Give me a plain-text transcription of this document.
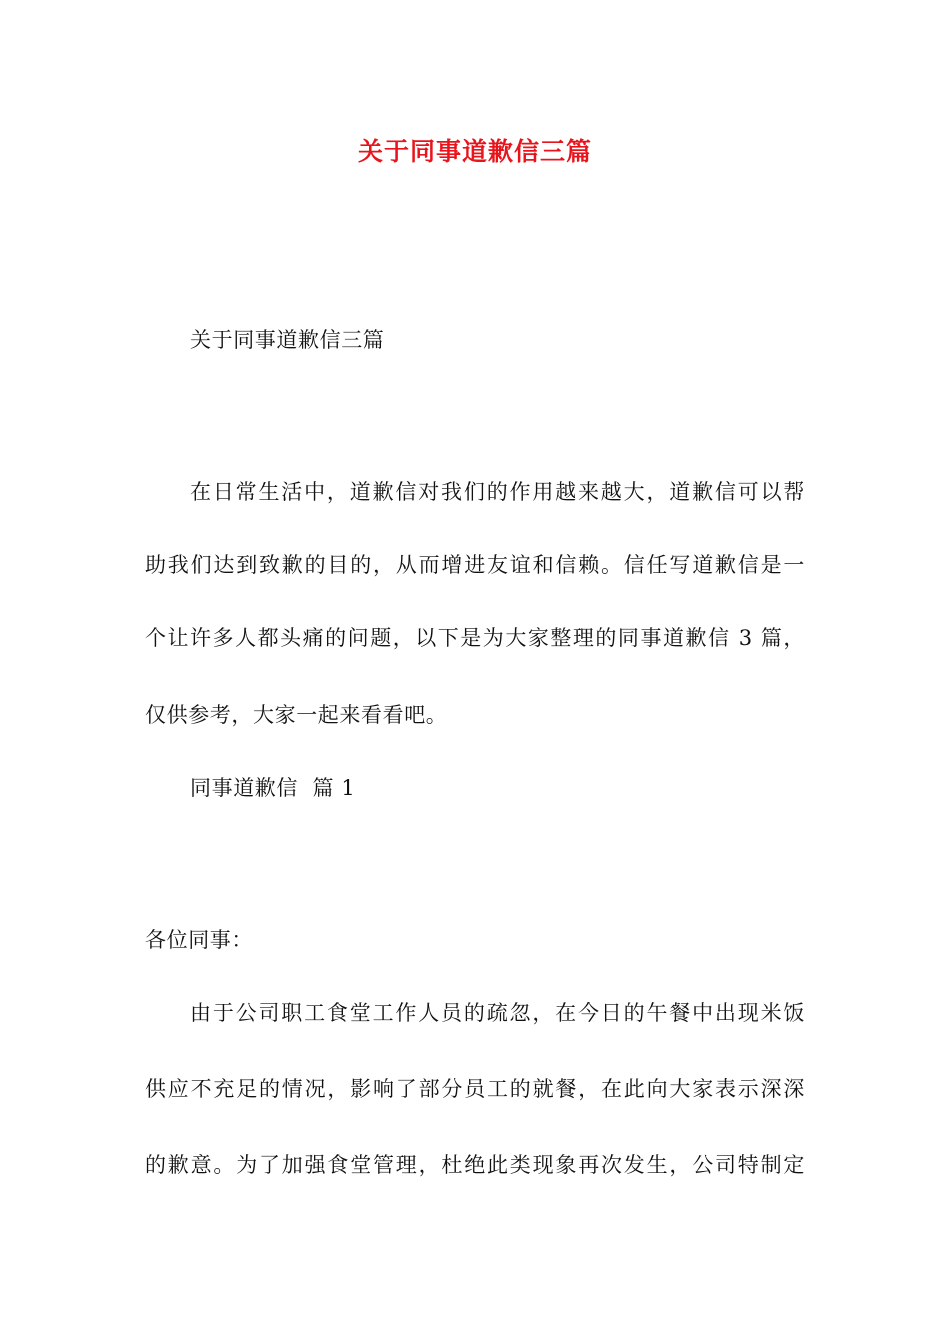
关于同事道歉信三篇
关于同事道歉信三篇
在日常生活中，道歉信对我们的作用越来越大，道歉信可以帮
助我们达到致歉的目的，从而增进友谊和信赖。信任写道歉信是一
个让许多人都头痛的问题，以下是为大家整理的同事道歉信 3 篇，
仅供参考，大家一起来看看吧。
同事道歉信  篇 1
各位同事：
由于公司职工食堂工作人员的疏忽，在今日的午餐中出现米饭
供应不充足的情况，影响了部分员工的就餐，在此向大家表示深深
的歉意。为了加强食堂管理，杜绝此类现象再次发生，公司特制定
